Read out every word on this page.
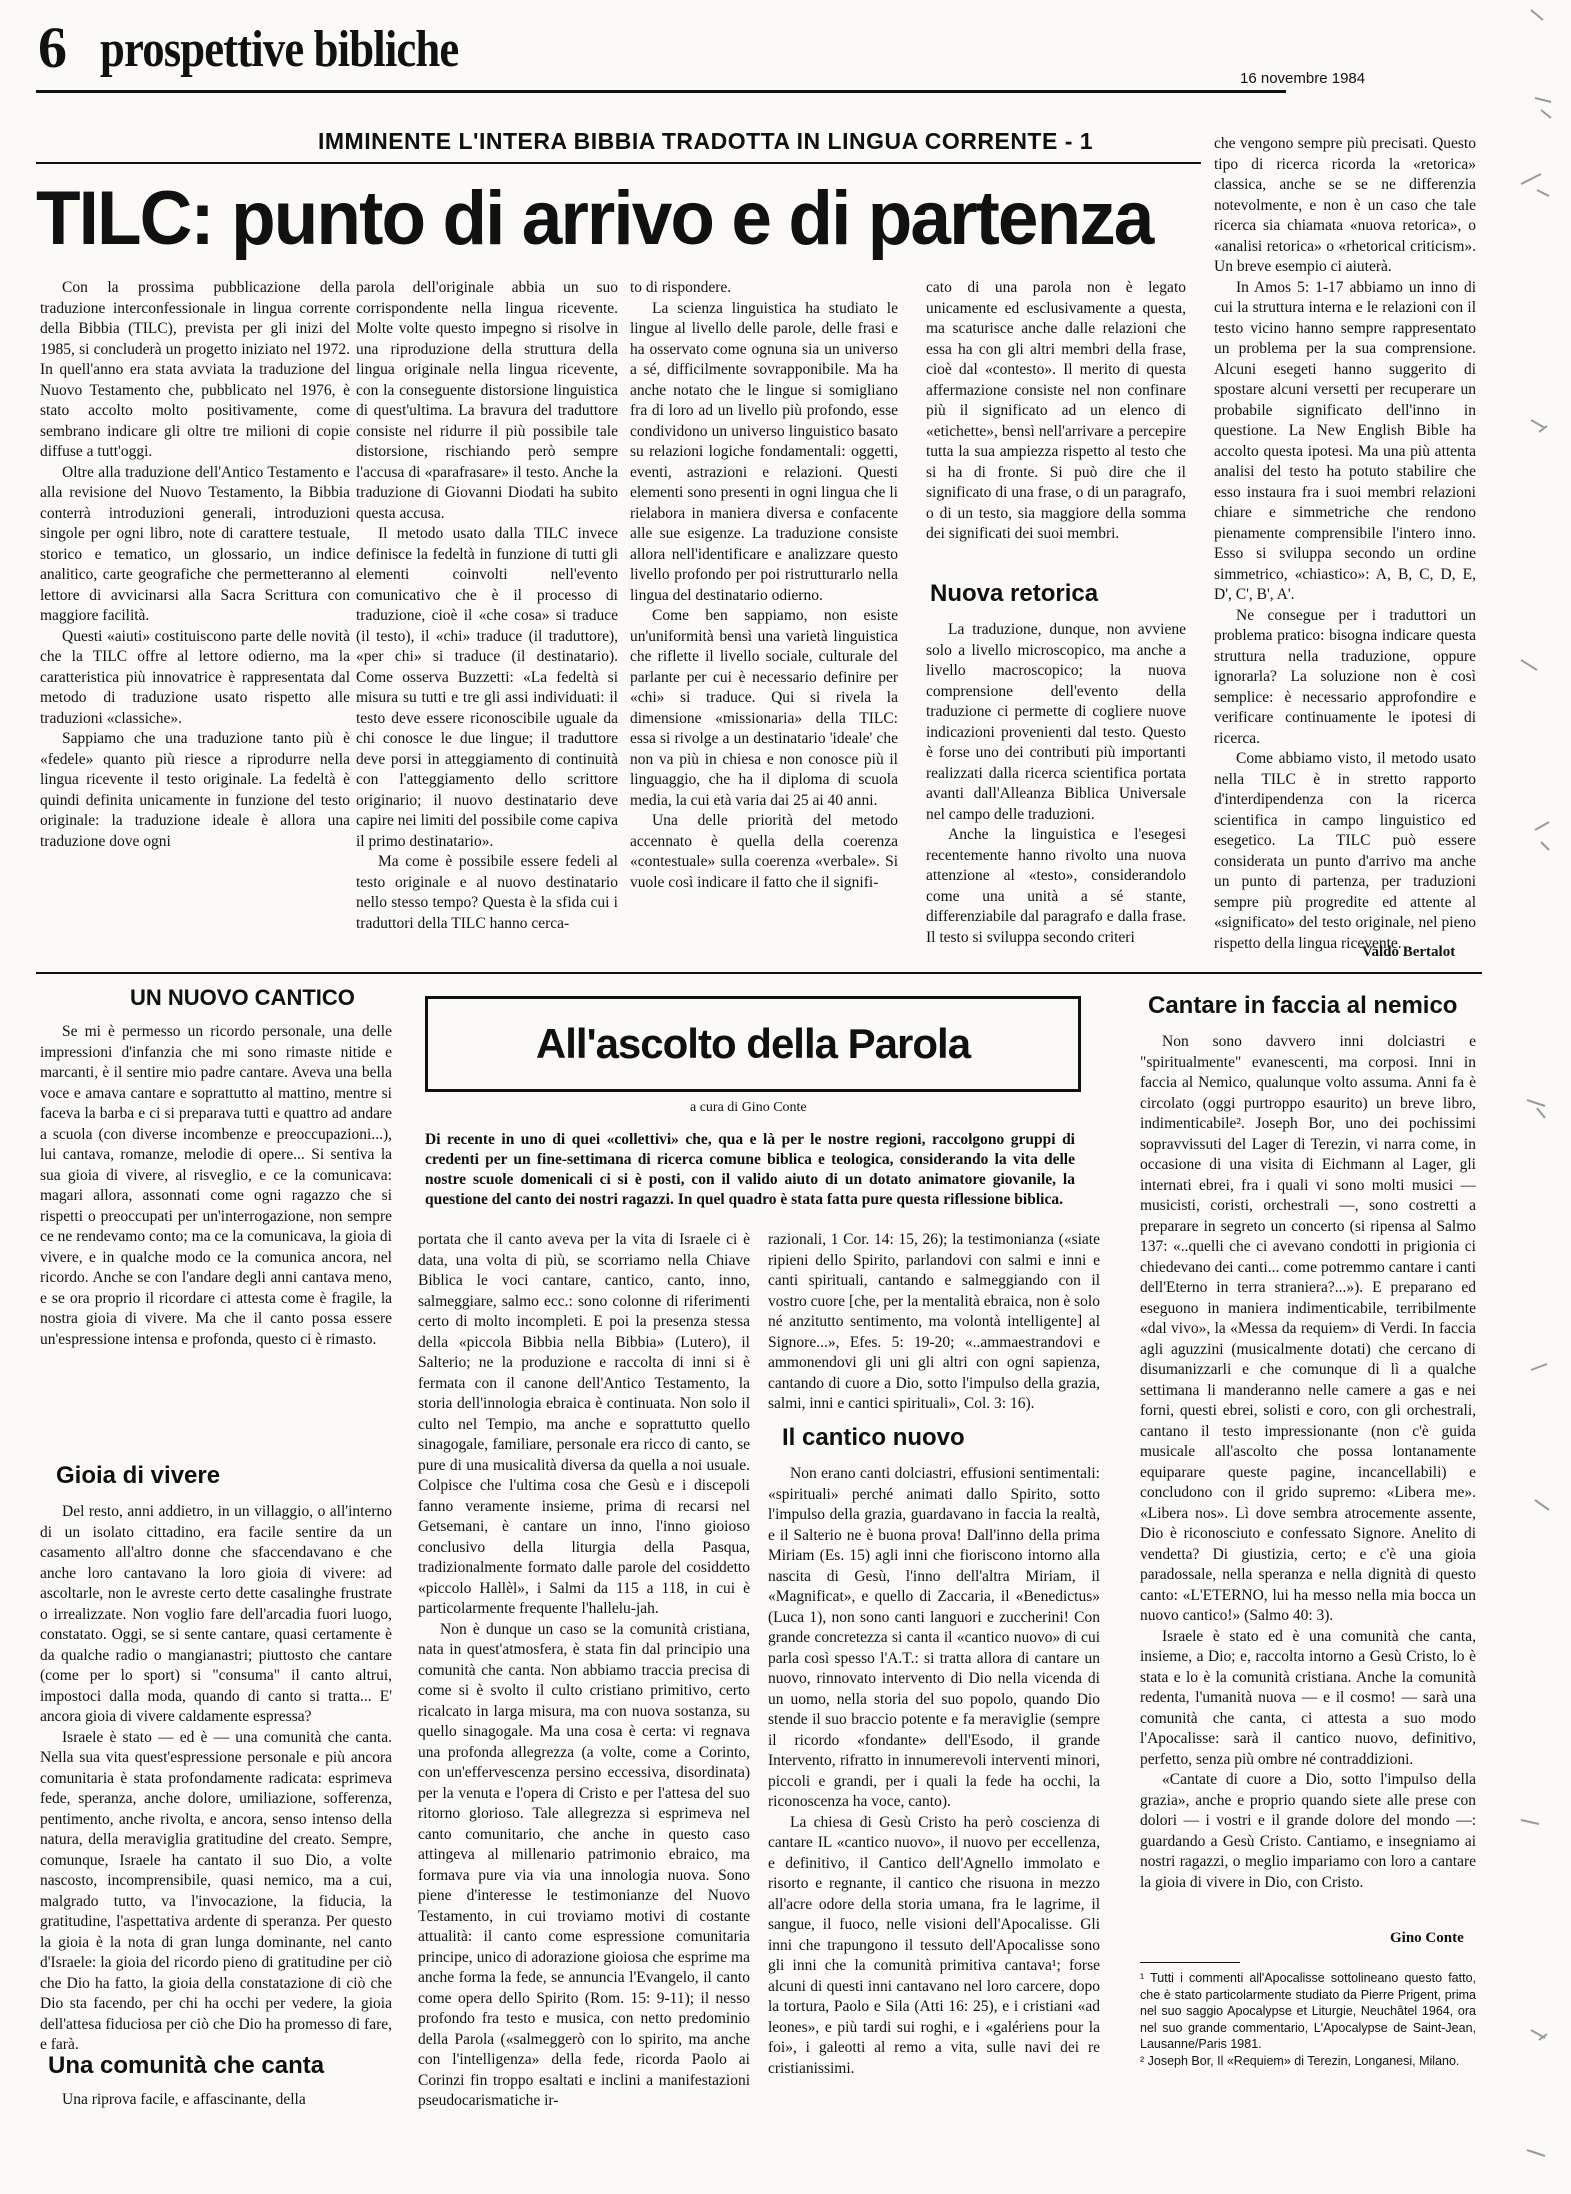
6 prospettive bibliche
16 novembre 1984
IMMINENTE L'INTERA BIBBIA TRADOTTA IN LINGUA CORRENTE - 1
TILC: punto di arrivo e di partenza

Con la prossima pubblicazione della traduzione interconfessionale in lingua corrente della Bibbia (TILC), prevista per gli inizi del 1985, si concluderà un progetto iniziato nel 1972. In quell'anno era stata avviata la traduzione del Nuovo Testamento che, pubblicato nel 1976, è stato accolto molto positivamente, come sembrano indicare gli oltre tre milioni di copie diffuse a tutt'oggi.

Oltre alla traduzione dell'Antico Testamento e alla revisione del Nuovo Testamento, la Bibbia conterrà introduzioni generali, introduzioni singole per ogni libro, note di carattere testuale, storico e tematico, un glossario, un indice analitico, carte geografiche che permetteranno al lettore di avvicinarsi alla Sacra Scrittura con maggiore facilità.

Questi «aiuti» costituiscono parte delle novità che la TILC offre al lettore odierno, ma la caratteristica più innovatrice è rappresentata dal metodo di traduzione usato rispetto alle traduzioni «classiche».

Sappiamo che una traduzione tanto più è «fedele» quanto più riesce a riprodurre nella lingua ricevente il testo originale. La fedeltà è quindi definita unicamente in funzione del testo originale: la traduzione ideale è allora una traduzione dove ogni

parola dell'originale abbia un suo corrispondente nella lingua ricevente. Molte volte questo impegno si risolve in una riproduzione della struttura della lingua originale nella lingua ricevente, con la conseguente distorsione linguistica di quest'ultima. La bravura del traduttore consiste nel ridurre il più possibile tale distorsione, rischiando però sempre l'accusa di «parafrasare» il testo. Anche la traduzione di Giovanni Diodati ha subito questa accusa.

Il metodo usato dalla TILC invece definisce la fedeltà in funzione di tutti gli elementi coinvolti nell'evento comunicativo che è il processo di traduzione, cioè il «che cosa» si traduce (il testo), il «chi» traduce (il traduttore), «per chi» si traduce (il destinatario). Come osserva Buzzetti: «La fedeltà si misura su tutti e tre gli assi individuati: il testo deve essere riconoscibile uguale da chi conosce le due lingue; il traduttore deve porsi in atteggiamento di continuità con l'atteggiamento dello scrittore originario; il nuovo destinatario deve capire nei limiti del possibile come capiva il primo destinatario».

Ma come è possibile essere fedeli al testo originale e al nuovo destinatario nello stesso tempo? Questa è la sfida cui i traduttori della TILC hanno cerca-

to di rispondere.

La scienza linguistica ha studiato le lingue al livello delle parole, delle frasi e ha osservato come ognuna sia un universo a sé, difficilmente sovrapponibile. Ma ha anche notato che le lingue si somigliano fra di loro ad un livello più profondo, esse condividono un universo linguistico basato su relazioni logiche fondamentali: oggetti, eventi, astrazioni e relazioni. Questi elementi sono presenti in ogni lingua che li rielabora in maniera diversa e confacente alle sue esigenze. La traduzione consiste allora nell'identificare e analizzare questo livello profondo per poi ristrutturarlo nella lingua del destinatario odierno.

Come ben sappiamo, non esiste un'uniformità bensì una varietà linguistica che riflette il livello sociale, culturale del parlante per cui è necessario definire per «chi» si traduce. Qui si rivela la dimensione «missionaria» della TILC: essa si rivolge a un destinatario 'ideale' che non va più in chiesa e non conosce più il linguaggio, che ha il diploma di scuola media, la cui età varia dai 25 ai 40 anni.

Una delle priorità del metodo accennato è quella della coerenza «contestuale» sulla coerenza «verbale». Si vuole così indicare il fatto che il signifi-

cato di una parola non è legato unicamente ed esclusivamente a questa, ma scaturisce anche dalle relazioni che essa ha con gli altri membri della frase, cioè dal «contesto». Il merito di questa affermazione consiste nel non confinare più il significato ad un elenco di «etichette», bensì nell'arrivare a percepire tutta la sua ampiezza rispetto al testo che si ha di fronte. Si può dire che il significato di una frase, o di un paragrafo, o di un testo, sia maggiore della somma dei significati dei suoi membri.

Nuova retorica

La traduzione, dunque, non avviene solo a livello microscopico, ma anche a livello macroscopico; la nuova comprensione dell'evento della traduzione ci permette di cogliere nuove indicazioni provenienti dal testo. Questo è forse uno dei contributi più importanti realizzati dalla ricerca scientifica portata avanti dall'Alleanza Biblica Universale nel campo delle traduzioni.

Anche la linguistica e l'esegesi recentemente hanno rivolto una nuova attenzione al «testo», considerandolo come una unità a sé stante, differenziabile dal paragrafo e dalla frase. Il testo si sviluppa secondo criteri

che vengono sempre più precisati. Questo tipo di ricerca ricorda la «retorica» classica, anche se se ne differenzia notevolmente, e non è un caso che tale ricerca sia chiamata «nuova retorica», o «analisi retorica» o «rhetorical criticism». Un breve esempio ci aiuterà.

In Amos 5: 1-17 abbiamo un inno di cui la struttura interna e le relazioni con il testo vicino hanno sempre rappresentato un problema per la sua comprensione. Alcuni esegeti hanno suggerito di spostare alcuni versetti per recuperare un probabile significato dell'inno in questione. La New English Bible ha accolto questa ipotesi. Ma una più attenta analisi del testo ha potuto stabilire che esso instaura fra i suoi membri relazioni chiare e simmetriche che rendono pienamente comprensibile l'intero inno. Esso si sviluppa secondo un ordine simmetrico, «chiastico»: A, B, C, D, E, D', C', B', A'.

Ne consegue per i traduttori un problema pratico: bisogna indicare questa struttura nella traduzione, oppure ignorarla? La soluzione non è così semplice: è necessario approfondire e verificare continuamente le ipotesi di ricerca.

Come abbiamo visto, il metodo usato nella TILC è in stretto rapporto d'interdipendenza con la ricerca scientifica in campo linguistico ed esegetico. La TILC può essere considerata un punto d'arrivo ma anche un punto di partenza, per traduzioni sempre più progredite ed attente al «significato» del testo originale, nel pieno rispetto della lingua ricevente.

Valdo Bertalot
UN NUOVO CANTICO

Se mi è permesso un ricordo personale, una delle impressioni d'infanzia che mi sono rimaste nitide e marcanti, è il sentire mio padre cantare. Aveva una bella voce e amava cantare e soprattutto al mattino, mentre si faceva la barba e ci si preparava tutti e quattro ad andare a scuola (con diverse incombenze e preoccupazioni...), lui cantava, romanze, melodie di opere... Si sentiva la sua gioia di vivere, al risveglio, e ce la comunicava: magari allora, assonnati come ogni ragazzo che si rispetti o preoccupati per un'interrogazione, non sempre ce ne rendevamo conto; ma ce la comunicava, la gioia di vivere, e in qualche modo ce la comunica ancora, nel ricordo. Anche se con l'andare degli anni cantava meno, e se ora proprio il ricordare ci attesta come è fragile, la nostra gioia di vivere. Ma che il canto possa essere un'espressione intensa e profonda, questo ci è rimasto.

Gioia di vivere

Del resto, anni addietro, in un villaggio, o all'interno di un isolato cittadino, era facile sentire da un casamento all'altro donne che sfaccendavano e che anche loro cantavano la loro gioia di vivere: ad ascoltarle, non le avreste certo dette casalinghe frustrate o irrealizzate. Non voglio fare dell'arcadia fuori luogo, constatato. Oggi, se si sente cantare, quasi certamente è da qualche radio o mangianastri; piuttosto che cantare (come per lo sport) si "consuma" il canto altrui, impostoci dalla moda, quando di canto si tratta... E' ancora gioia di vivere caldamente espressa?

Israele è stato — ed è — una comunità che canta. Nella sua vita quest'espressione personale e più ancora comunitaria è stata profondamente radicata: esprimeva fede, speranza, anche dolore, umiliazione, sofferenza, pentimento, anche rivolta, e ancora, senso intenso della natura, della meraviglia gratitudine del creato. Sempre, comunque, Israele ha cantato il suo Dio, a volte nascosto, incomprensibile, quasi nemico, ma a cui, malgrado tutto, va l'invocazione, la fiducia, la gratitudine, l'aspettativa ardente di speranza. Per questo la gioia è la nota di gran lunga dominante, nel canto d'Israele: la gioia del ricordo pieno di gratitudine per ciò che Dio ha fatto, la gioia della constatazione di ciò che Dio sta facendo, per chi ha occhi per vedere, la gioia dell'attesa fiduciosa per ciò che Dio ha promesso di fare, e farà.

Una comunità che canta

Una riprova facile, e affascinante, della

All'ascolto della Parola
a cura di Gino Conte
Di recente in uno di quei «collettivi» che, qua e là per le nostre regioni, raccolgono gruppi di credenti per un fine-settimana di ricerca comune biblica e teologica, considerando la vita delle nostre scuole domenicali ci si è posti, con il valido aiuto di un dotato animatore giovanile, la questione del canto dei nostri ragazzi. In quel quadro è stata fatta pure questa riflessione biblica.

portata che il canto aveva per la vita di Israele ci è data, una volta di più, se scorriamo nella Chiave Biblica le voci cantare, cantico, canto, inno, salmeggiare, salmo ecc.: sono colonne di riferimenti certo di molto incompleti. E poi la presenza stessa della «piccola Bibbia nella Bibbia» (Lutero), il Salterio; ne la produzione e raccolta di inni si è fermata con il canone dell'Antico Testamento, la storia dell'innologia ebraica è continuata. Non solo il culto nel Tempio, ma anche e soprattutto quello sinagogale, familiare, personale era ricco di canto, se pure di una musicalità diversa da quella a noi usuale. Colpisce che l'ultima cosa che Gesù e i discepoli fanno veramente insieme, prima di recarsi nel Getsemani, è cantare un inno, l'inno gioioso conclusivo della liturgia della Pasqua, tradizionalmente formato dalle parole del cosiddetto «piccolo Hallèl», i Salmi da 115 a 118, in cui è particolarmente frequente l'hallelu-jah.

Non è dunque un caso se la comunità cristiana, nata in quest'atmosfera, è stata fin dal principio una comunità che canta. Non abbiamo traccia precisa di come si è svolto il culto cristiano primitivo, certo ricalcato in larga misura, ma con nuova sostanza, su quello sinagogale. Ma una cosa è certa: vi regnava una profonda allegrezza (a volte, come a Corinto, con un'effervescenza persino eccessiva, disordinata) per la venuta e l'opera di Cristo e per l'attesa del suo ritorno glorioso. Tale allegrezza si esprimeva nel canto comunitario, che anche in questo caso attingeva al millenario patrimonio ebraico, ma formava pure via via una innologia nuova. Sono piene d'interesse le testimonianze del Nuovo Testamento, in cui troviamo motivi di costante attualità: il canto come espressione comunitaria principe, unico di adorazione gioiosa che esprime ma anche forma la fede, se annuncia l'Evangelo, il canto come opera dello Spirito (Rom. 15: 9-11); il nesso profondo fra testo e musica, con netto predominio della Parola («salmeggerò con lo spirito, ma anche con l'intelligenza» della fede, ricorda Paolo ai Corinzi fin troppo esaltati e inclini a manifestazioni pseudocarismatiche ir-

razionali, 1 Cor. 14: 15, 26); la testimonianza («siate ripieni dello Spirito, parlandovi con salmi e inni e canti spirituali, cantando e salmeggiando con il vostro cuore [che, per la mentalità ebraica, non è solo né anzitutto sentimento, ma volontà intelligente] al Signore...», Efes. 5: 19-20; «..ammaestrandovi e ammonendovi gli uni gli altri con ogni sapienza, cantando di cuore a Dio, sotto l'impulso della grazia, salmi, inni e cantici spirituali», Col. 3: 16).

Il cantico nuovo

Non erano canti dolciastri, effusioni sentimentali: «spirituali» perché animati dallo Spirito, sotto l'impulso della grazia, guardavano in faccia la realtà, e il Salterio ne è buona prova! Dall'inno della prima Miriam (Es. 15) agli inni che fioriscono intorno alla nascita di Gesù, l'inno dell'altra Miriam, il «Magnificat», e quello di Zaccaria, il «Benedictus» (Luca 1), non sono canti languori e zuccherini! Con grande concretezza si canta il «cantico nuovo» di cui parla così spesso l'A.T.: si tratta allora di cantare un nuovo, rinnovato intervento di Dio nella vicenda di un uomo, nella storia del suo popolo, quando Dio stende il suo braccio potente e fa meraviglie (sempre il ricordo «fondante» dell'Esodo, il grande Intervento, rifratto in innumerevoli interventi minori, piccoli e grandi, per i quali la fede ha occhi, la riconoscenza ha voce, canto).

La chiesa di Gesù Cristo ha però coscienza di cantare IL «cantico nuovo», il nuovo per eccellenza, e definitivo, il Cantico dell'Agnello immolato e risorto e regnante, il cantico che risuona in mezzo all'acre odore della storia umana, fra le lagrime, il sangue, il fuoco, nelle visioni dell'Apocalisse. Gli inni che trapungono il tessuto dell'Apocalisse sono gli inni che la comunità primitiva cantava¹; forse alcuni di questi inni cantavano nel loro carcere, dopo la tortura, Paolo e Sila (Atti 16: 25), e i cristiani «ad leones», e più tardi sui roghi, e i «galériens pour la foi», i galeotti al remo a vita, sulle navi dei re cristianissimi.

Cantare in faccia al nemico

Non sono davvero inni dolciastri e "spiritualmente" evanescenti, ma corposi. Inni in faccia al Nemico, qualunque volto assuma. Anni fa è circolato (oggi purtroppo esaurito) un breve libro, indimenticabile². Joseph Bor, uno dei pochissimi sopravvissuti del Lager di Terezin, vi narra come, in occasione di una visita di Eichmann al Lager, gli internati ebrei, fra i quali vi sono molti musici — musicisti, coristi, orchestrali —, sono costretti a preparare in segreto un concerto (si ripensa al Salmo 137: «..quelli che ci avevano condotti in prigionia ci chiedevano dei canti... come potremmo cantare i canti dell'Eterno in terra straniera?...»). E preparano ed eseguono in maniera indimenticabile, terribilmente «dal vivo», la «Messa da requiem» di Verdi. In faccia agli aguzzini (musicalmente dotati) che cercano di disumanizzarli e che comunque di lì a qualche settimana li manderanno nelle camere a gas e nei forni, questi ebrei, solisti e coro, con gli orchestrali, cantano il testo impressionante (non c'è guida musicale all'ascolto che possa lontanamente equiparare queste pagine, incancellabili) e concludono con il grido supremo: «Libera me». «Libera nos». Lì dove sembra atrocemente assente, Dio è riconosciuto e confessato Signore. Anelito di vendetta? Di giustizia, certo; e c'è una gioia paradossale, nella speranza e nella dignità di questo canto: «L'ETERNO, lui ha messo nella mia bocca un nuovo cantico!» (Salmo 40: 3).

Israele è stato ed è una comunità che canta, insieme, a Dio; e, raccolta intorno a Gesù Cristo, lo è stata e lo è la comunità cristiana. Anche la comunità redenta, l'umanità nuova — e il cosmo! — sarà una comunità che canta, ci attesta a suo modo l'Apocalisse: sarà il cantico nuovo, definitivo, perfetto, senza più ombre né contraddizioni.

«Cantate di cuore a Dio, sotto l'impulso della grazia», anche e proprio quando siete alle prese con dolori — i vostri e il grande dolore del mondo —: guardando a Gesù Cristo. Cantiamo, e insegniamo ai nostri ragazzi, o meglio impariamo con loro a cantare la gioia di vivere in Dio, con Cristo.

Gino Conte

¹ Tutti i commenti all'Apocalisse sottolineano questo fatto, che è stato particolarmente studiato da Pierre Prigent, prima nel suo saggio Apocalypse et Liturgie, Neuchâtel 1964, ora nel suo grande commentario, L'Apocalypse de Saint-Jean, Lausanne/Paris 1981.

² Joseph Bor, Il «Requiem» di Terezin, Longanesi, Milano.
